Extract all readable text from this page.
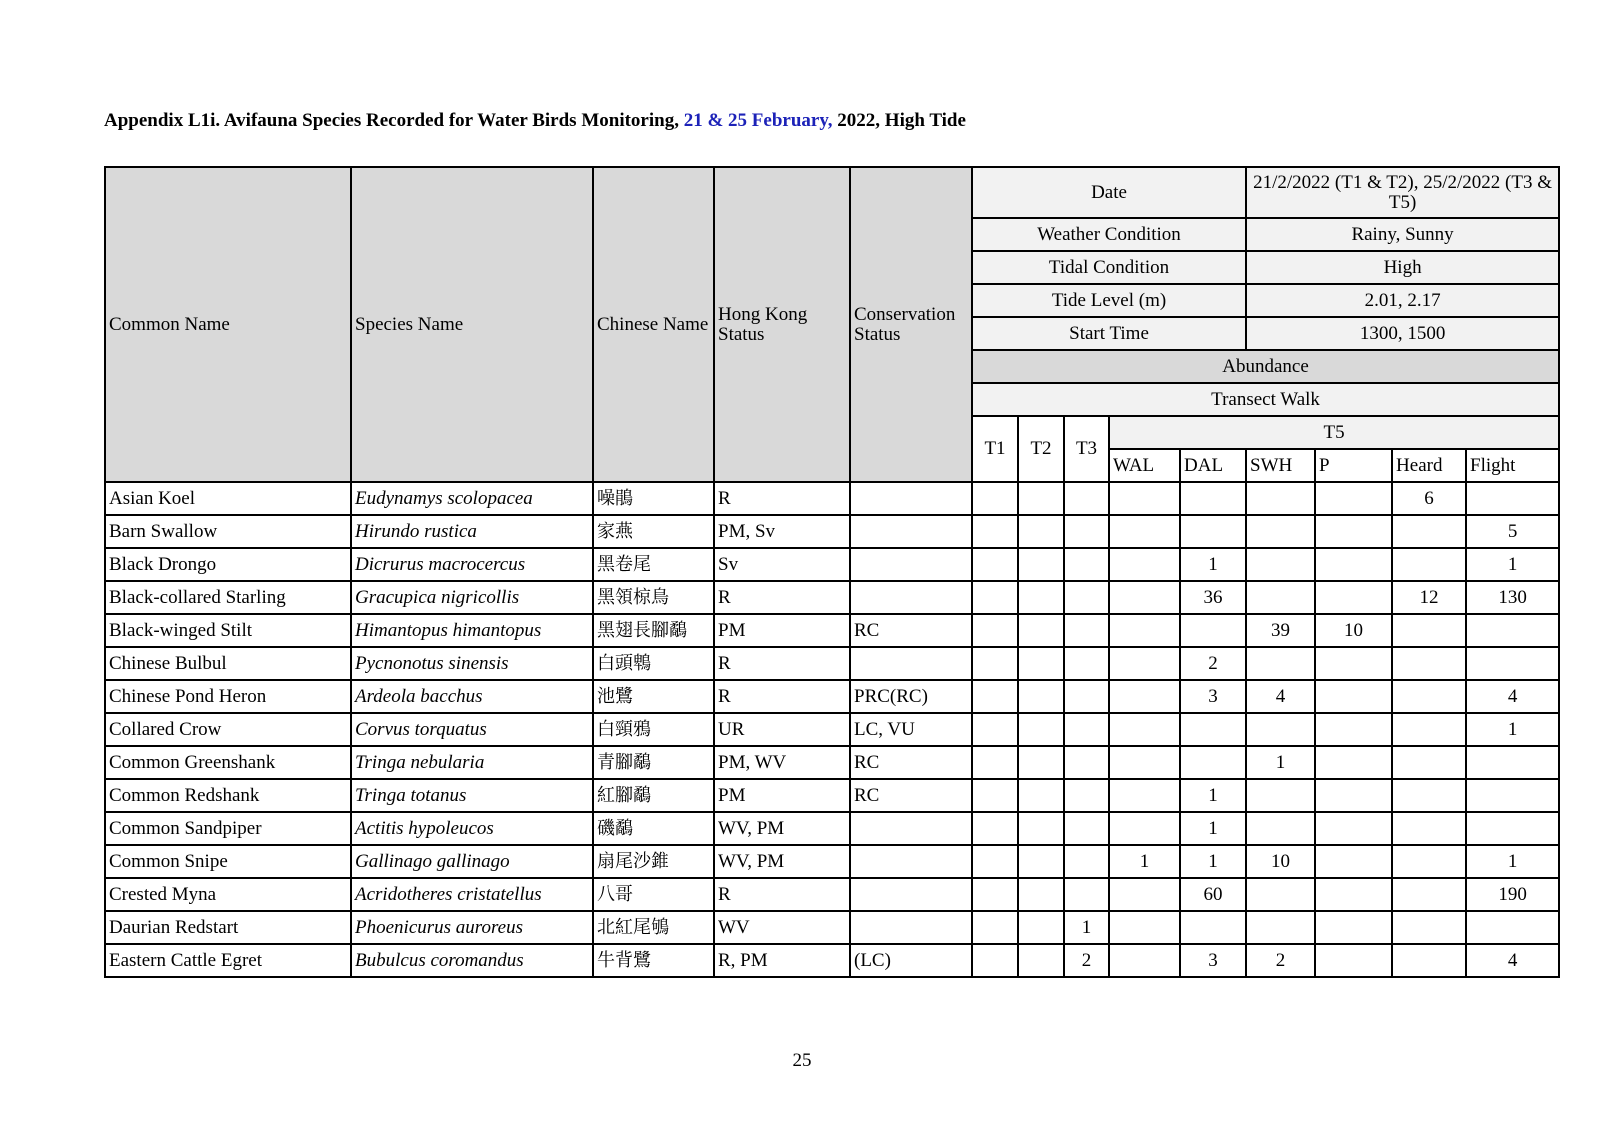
Appendix L1i. Avifauna Species Recorded for Water Birds Monitoring, 21 & 25 February, 2022, High Tide
Common Name	Species Name	Chinese Name	Hong Kong Status	Conservation Status	Date					21/2/2022 (T1 & T2), 25/2/2022 (T3 & T5)			
					Weather Condition					Rainy, Sunny			
					Tidal Condition					High			
					Tide Level (m)					2.01, 2.17			
					Start Time					1300, 1500			
					Abundance								
					Transect Walk								
					T1	T2	T3	T5					
								WAL	DAL	SWH	P	Heard	Flight

Asian Koel	Eudynamys scolopacea	噪鵑	R									6	
Barn Swallow	Hirundo rustica	家燕	PM, Sv										5
Black Drongo	Dicrurus macrocercus	黑卷尾	Sv						1				1
Black-collared Starling	Gracupica nigricollis	黑領椋鳥	R						36			12	130
Black-winged Stilt	Himantopus himantopus	黑翅長腳鷸	PM	RC						39	10		
Chinese Bulbul	Pycnonotus sinensis	白頭鵯	R						2				
Chinese Pond Heron	Ardeola bacchus	池鷺	R	PRC(RC)					3	4			4
Collared Crow	Corvus torquatus	白頸鴉	UR	LC, VU									1
Common Greenshank	Tringa nebularia	青腳鷸	PM, WV	RC						1			
Common Redshank	Tringa totanus	紅腳鷸	PM	RC					1				
Common Sandpiper	Actitis hypoleucos	磯鷸	WV, PM						1				
Common Snipe	Gallinago gallinago	扇尾沙錐	WV, PM					1	1	10			1
Crested Myna	Acridotheres cristatellus	八哥	R						60				190
Daurian Redstart	Phoenicurus auroreus	北紅尾鴝	WV				1						
Eastern Cattle Egret	Bubulcus coromandus	牛背鷺	R, PM	(LC)			2		3	2			4
25
